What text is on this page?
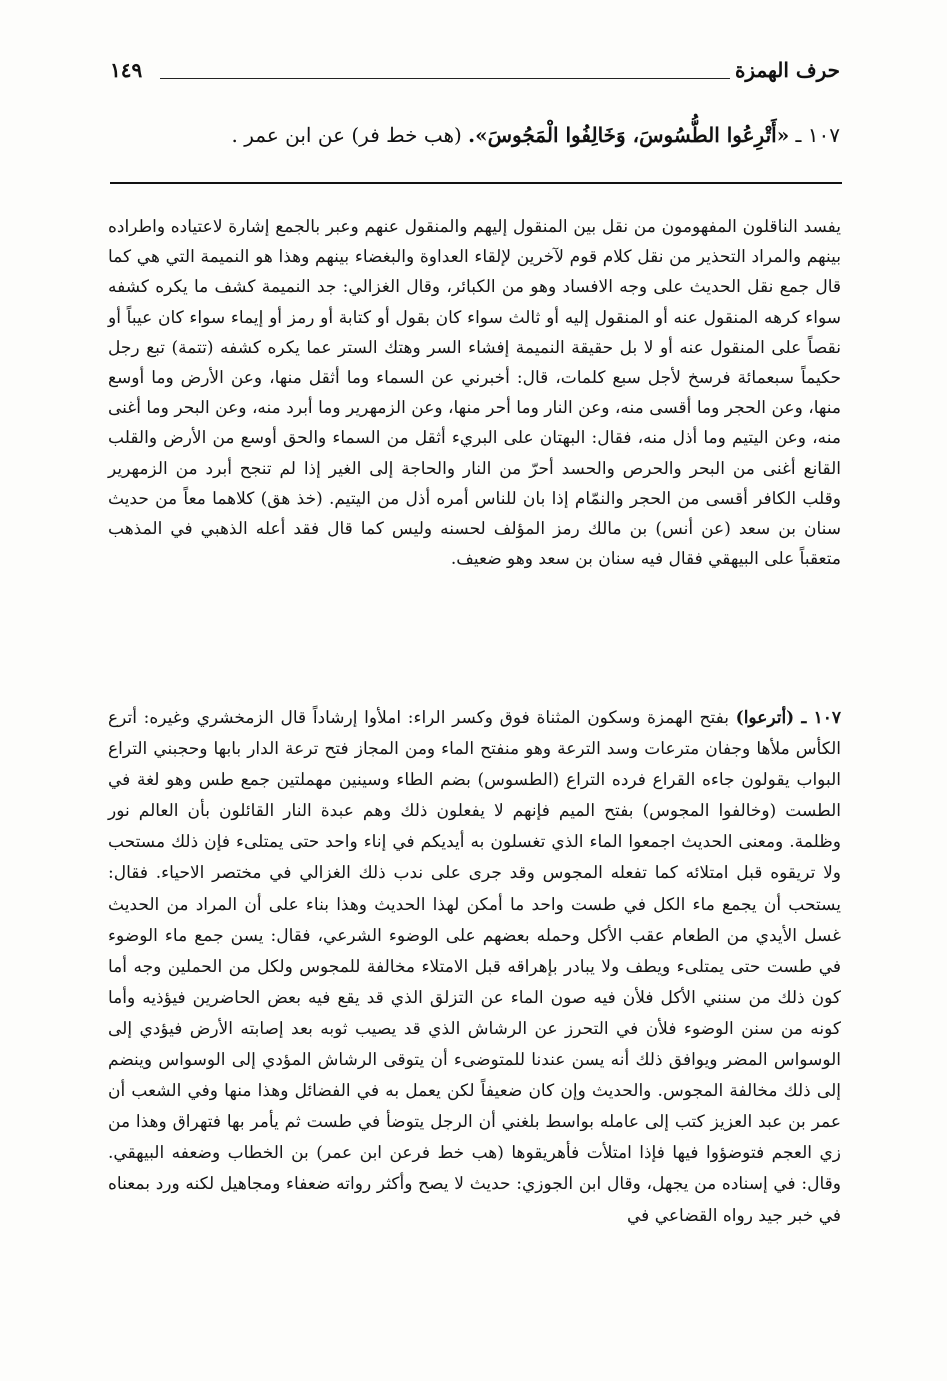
حرف الهمزة
١٤٩
١٠٧ ـ «أَتْرِعُوا الطُّسُوسَ، وَخَالِفُوا الْمَجُوسَ». (هب خط فر) عن ابن عمر .

يفسد الناقلون المفهومون من نقل بين المنقول إليهم والمنقول عنهم وعبر بالجمع إشارة لاعتياده واطراده بينهم والمراد التحذير من نقل كلام قوم لآخرين لإلقاء العداوة والبغضاء بينهم وهذا هو النميمة التي هي كما قال جمع نقل الحديث على وجه الافساد وهو من الكبائر، وقال الغزالي: جد النميمة كشف ما يكره كشفه سواء كرهه المنقول عنه أو المنقول إليه أو ثالث سواء كان بقول أو كتابة أو رمز أو إيماء سواء كان عيباً أو نقصاً على المنقول عنه أو لا بل حقيقة النميمة إفشاء السر وهتك الستر عما يكره كشفه (تتمة) تبع رجل حكيماً سبعمائة فرسخ لأجل سبع كلمات، قال: أخبرني عن السماء وما أثقل منها، وعن الأرض وما أوسع منها، وعن الحجر وما أقسى منه، وعن النار وما أحر منها، وعن الزمهرير وما أبرد منه، وعن البحر وما أغنى منه، وعن اليتيم وما أذل منه، فقال: البهتان على البريء أثقل من السماء والحق أوسع من الأرض والقلب القانع أغنى من البحر والحرص والحسد أحرّ من النار والحاجة إلى الغير إذا لم تنجح أبرد من الزمهرير وقلب الكافر أقسى من الحجر والنمّام إذا بان للناس أمره أذل من اليتيم. (خذ هق) كلاهما معاً من حديث سنان بن سعد (عن أنس) بن مالك رمز المؤلف لحسنه وليس كما قال فقد أعله الذهبي في المذهب متعقباً على البيهقي فقال فيه سنان بن سعد وهو ضعيف.

١٠٧ ـ (أترعوا) بفتح الهمزة وسكون المثناة فوق وكسر الراء: املأوا إرشاداً قال الزمخشري وغيره: أترع الكأس ملأها وجفان مترعات وسد الترعة وهو منفتح الماء ومن المجاز فتح ترعة الدار بابها وحجبني التراع البواب يقولون جاءه القراع فرده التراع (الطسوس) بضم الطاء وسينين مهملتين جمع طس وهو لغة في الطست (وخالفوا المجوس) بفتح الميم فإنهم لا يفعلون ذلك وهم عبدة النار القائلون بأن العالم نور وظلمة. ومعنى الحديث اجمعوا الماء الذي تغسلون به أيديكم في إناء واحد حتى يمتلىء فإن ذلك مستحب ولا تريقوه قبل امتلائه كما تفعله المجوس وقد جرى على ندب ذلك الغزالي في مختصر الاحياء. فقال: يستحب أن يجمع ماء الكل في طست واحد ما أمكن لهذا الحديث وهذا بناء على أن المراد من الحديث غسل الأيدي من الطعام عقب الأكل وحمله بعضهم على الوضوء الشرعي، فقال: يسن جمع ماء الوضوء في طست حتى يمتلىء ويطف ولا يبادر بإهراقه قبل الامتلاء مخالفة للمجوس ولكل من الحملين وجه أما كون ذلك من سنني الأكل فلأن فيه صون الماء عن التزلق الذي قد يقع فيه بعض الحاضرين فيؤذيه وأما كونه من سنن الوضوء فلأن في التحرز عن الرشاش الذي قد يصيب ثوبه بعد إصابته الأرض فيؤدي إلى الوسواس المضر ويوافق ذلك أنه يسن عندنا للمتوضىء أن يتوقى الرشاش المؤدي إلى الوسواس وينضم إلى ذلك مخالفة المجوس. والحديث وإن كان ضعيفاً لكن يعمل به في الفضائل وهذا منها وفي الشعب أن عمر بن عبد العزيز كتب إلى عامله بواسط بلغني أن الرجل يتوضأ في طست ثم يأمر بها فتهراق وهذا من زي العجم فتوضؤوا فيها فإذا امتلأت فأهريقوها (هب خط فرعن ابن عمر) بن الخطاب وضعفه البيهقي. وقال: في إسناده من يجهل، وقال ابن الجوزي: حديث لا يصح وأكثر رواته ضعفاء ومجاهيل لكنه ورد بمعناه في خبر جيد رواه القضاعي في
